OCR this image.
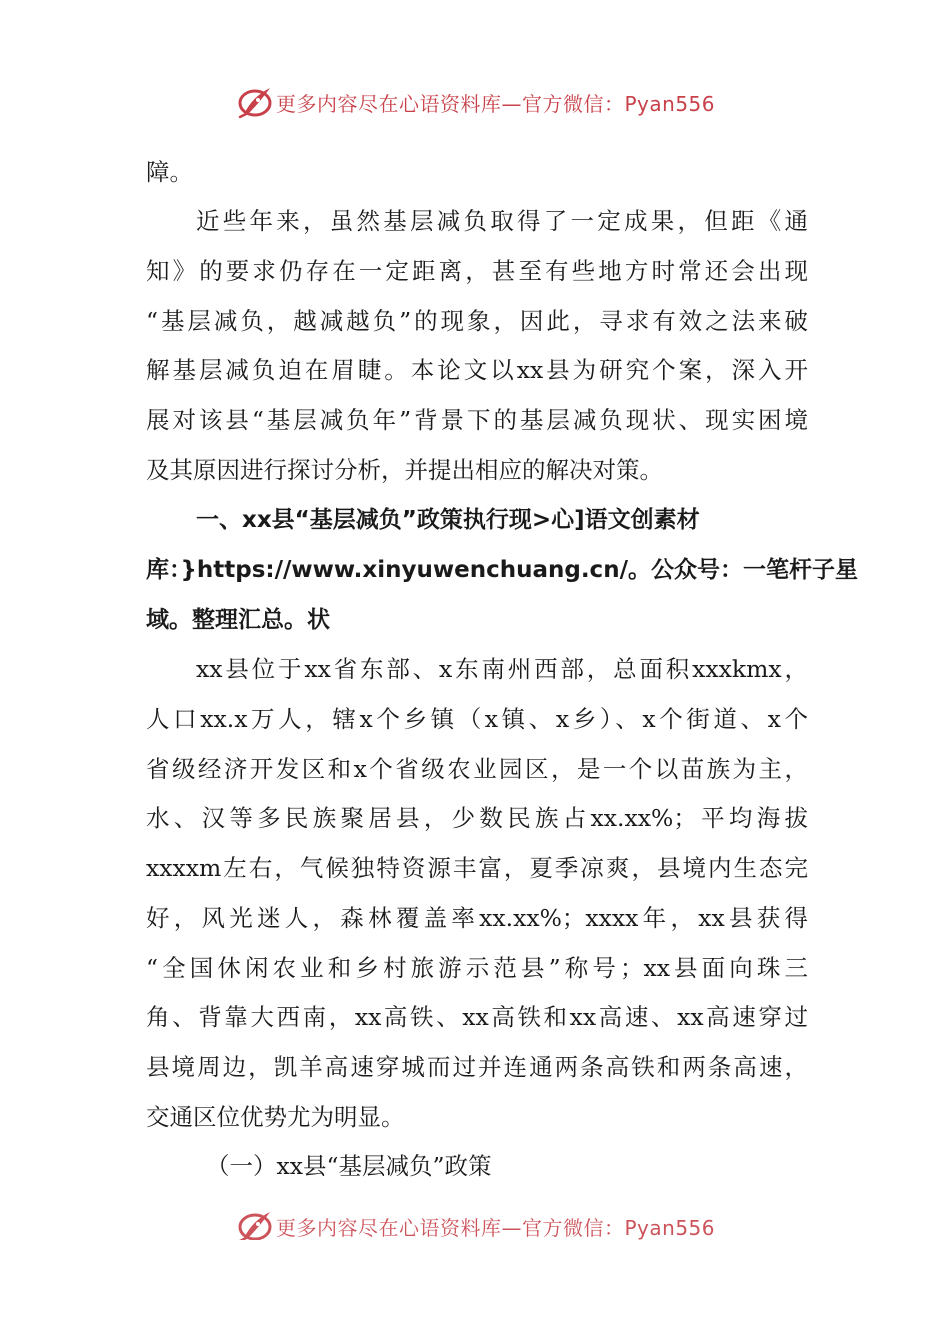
更多内容尽在心语资料库—官方微信：Pyan556
障。
近些年来，虽然基层减负取得了一定成果，但距《通
知》的要求仍存在一定距离，甚至有些地方时常还会出现
“基层减负，越减越负”的现象，因此，寻求有效之法来破
解基层减负迫在眉睫。本论文以xx县为研究个案，深入开
展对该县“基层减负年”背景下的基层减负现状、现实困境
及其原因进行探讨分析，并提出相应的解决对策。
一、xx县“基层减负”政策执行现>心]语文创素材
库：}https://www.xinyuwenchuang.cn/。公众号：一笔杆子星
域。整理汇总。状
xx县位于xx省东部、x东南州西部，总面积xxxkmx，
人口xx.x万人，辖x个乡镇（x镇、x乡）、x个街道、x个
省级经济开发区和x个省级农业园区，是一个以苗族为主，
水、汉等多民族聚居县，少数民族占xx.xx%；平均海拔
xxxxm左右，气候独特资源丰富，夏季凉爽，县境内生态完
好，风光迷人，森林覆盖率xx.xx%；xxxx年，xx县获得
“全国休闲农业和乡村旅游示范县”称号；xx县面向珠三
角、背靠大西南，xx高铁、xx高铁和xx高速、xx高速穿过
县境周边，凯羊高速穿城而过并连通两条高铁和两条高速，
交通区位优势尤为明显。
（一）xx县“基层减负”政策
更多内容尽在心语资料库—官方微信：Pyan556
